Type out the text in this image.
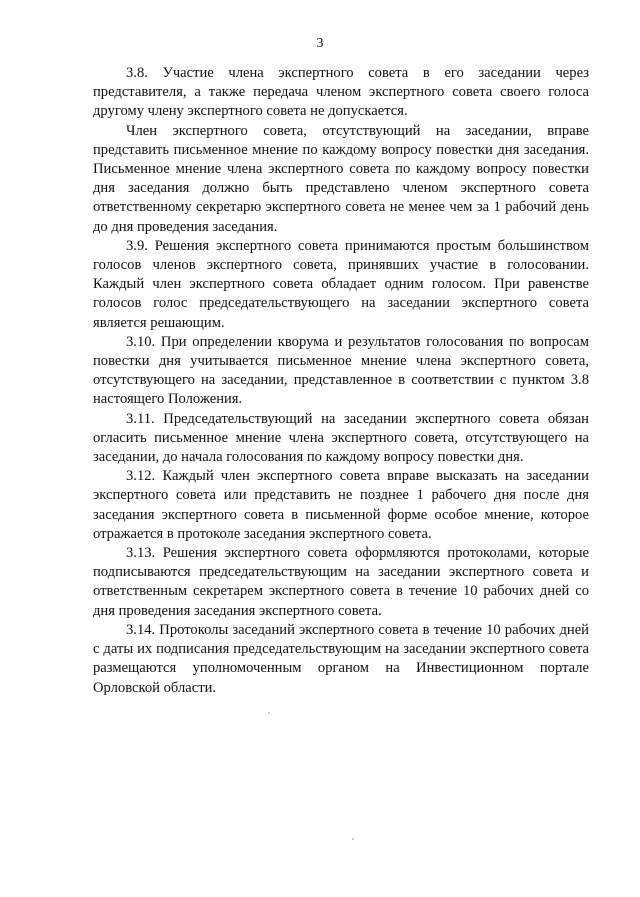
3

3.8. Участие члена экспертного совета в его заседании через представителя, а также передача членом экспертного совета своего голоса другому члену экспертного совета не допускается.

Член экспертного совета, отсутствующий на заседании, вправе представить письменное мнение по каждому вопросу повестки дня заседания. Письменное мнение члена экспертного совета по каждому вопросу повестки дня заседания должно быть представлено членом экспертного совета ответственному секретарю экспертного совета не менее чем за 1 рабочий день до дня проведения заседания.

3.9. Решения экспертного совета принимаются простым большинством голосов членов экспертного совета, принявших участие в голосовании. Каждый член экспертного совета обладает одним голосом. При равенстве голосов голос председательствующего на заседании экспертного совета является решающим.

3.10. При определении кворума и результатов голосования по вопросам повестки дня учитывается письменное мнение члена экспертного совета, отсутствующего на заседании, представленное в соответствии с пунктом 3.8 настоящего Положения.

3.11. Председательствующий на заседании экспертного совета обязан огласить письменное мнение члена экспертного совета, отсутствующего на заседании, до начала голосования по каждому вопросу повестки дня.

3.12. Каждый член экспертного совета вправе высказать на заседании экспертного совета или представить не позднее 1 рабочего дня после дня заседания экспертного совета в письменной форме особое мнение, которое отражается в протоколе заседания экспертного совета.

3.13. Решения экспертного совета оформляются протоколами, которые подписываются председательствующим на заседании экспертного совета и ответственным секретарем экспертного совета в течение 10 рабочих дней со дня проведения заседания экспертного совета.

3.14. Протоколы заседаний экспертного совета в течение 10 рабочих дней с даты их подписания председательствующим на заседании экспертного совета размещаются уполномоченным органом на Инвестиционном портале Орловской области.
